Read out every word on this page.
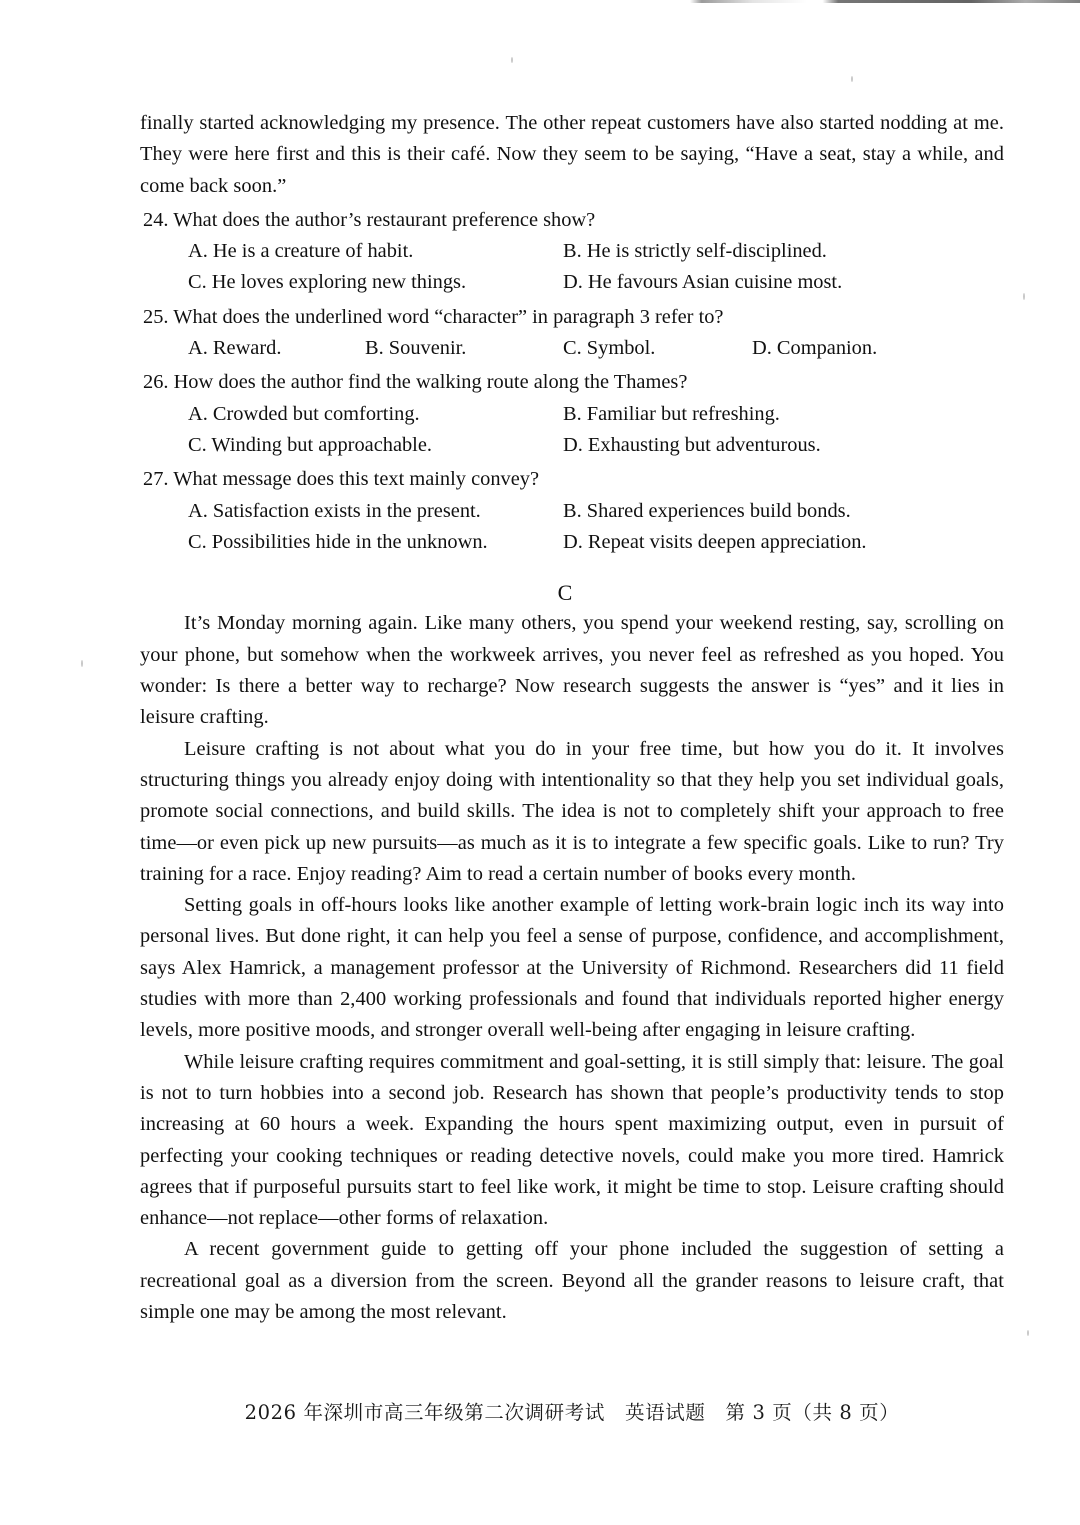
finally started acknowledging my presence. The other repeat customers have also started nodding at me. They were here first and this is their café. Now they seem to be saying, “Have a seat, stay a while, and come back soon.”

24. What does the author’s restaurant preference show?

A. He is a creature of habit.	B. He is strictly self-disciplined.
C. He loves exploring new things.	D. He favours Asian cuisine most.

25. What does the underlined word “character” in paragraph 3 refer to?

A. Reward.	B. Souvenir.	C. Symbol.	D. Companion.

26. How does the author find the walking route along the Thames?

A. Crowded but comforting.	B. Familiar but refreshing.
C. Winding but approachable.	D. Exhausting but adventurous.

27. What message does this text mainly convey?

A. Satisfaction exists in the present.	B. Shared experiences build bonds.
C. Possibilities hide in the unknown.	D. Repeat visits deepen appreciation.
C

It’s Monday morning again. Like many others, you spend your weekend resting, say, scrolling on your phone, but somehow when the workweek arrives, you never feel as refreshed as you hoped. You wonder: Is there a better way to recharge? Now research suggests the answer is “yes” and it lies in leisure crafting.

Leisure crafting is not about what you do in your free time, but how you do it. It involves structuring things you already enjoy doing with intentionality so that they help you set individual goals, promote social connections, and build skills. The idea is not to completely shift your approach to free time—or even pick up new pursuits—as much as it is to integrate a few specific goals. Like to run? Try training for a race. Enjoy reading? Aim to read a certain number of books every month.

Setting goals in off-hours looks like another example of letting work-brain logic inch its way into personal lives. But done right, it can help you feel a sense of purpose, confidence, and accomplishment, says Alex Hamrick, a management professor at the University of Richmond. Researchers did 11 field studies with more than 2,400 working professionals and found that individuals reported higher energy levels, more positive moods, and stronger overall well-being after engaging in leisure crafting.

While leisure crafting requires commitment and goal-setting, it is still simply that: leisure. The goal is not to turn hobbies into a second job. Research has shown that people’s productivity tends to stop increasing at 60 hours a week. Expanding the hours spent maximizing output, even in pursuit of perfecting your cooking techniques or reading detective novels, could make you more tired. Hamrick agrees that if purposeful pursuits start to feel like work, it might be time to stop. Leisure crafting should enhance—not replace—other forms of relaxation.

A recent government guide to getting off your phone included the suggestion of setting a recreational goal as a diversion from the screen. Beyond all the grander reasons to leisure craft, that simple one may be among the most relevant.

2026 年深圳市高三年级第二次调研考试　英语试题　第 3 页（共 8 页）
